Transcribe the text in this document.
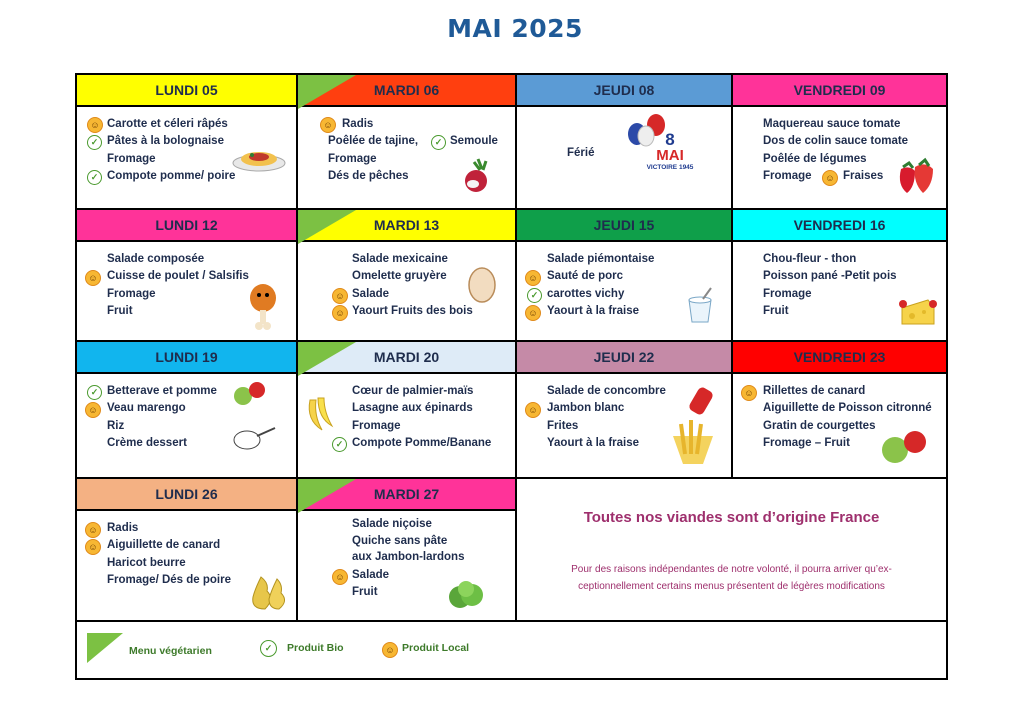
MAI 2025
LUNDI 05
☺ Carotte et céleri râpés
✓ Pâtes à la bolognaise
Fromage
✓ Compote pomme/ poire
MARDI 06
☺ Radis
Poêlée de tajine,	✓ Semoule
Fromage
Dés de pêches
JEUDI 08
Férié
8
MAI
VICTOIRE 1945
VENDREDI 09
Maquereau sauce tomate
Dos de colin sauce tomate
Poêlée de légumes
Fromage	☺ Fraises
LUNDI 12
Salade composée
☺ Cuisse de poulet / Salsifis
Fromage
Fruit
MARDI 13
Salade mexicaine
Omelette gruyère
☺ Salade
☺ Yaourt Fruits des bois
JEUDI 15
Salade piémontaise
☺ Sauté de porc
✓ carottes vichy
☺ Yaourt à la fraise
VENDREDI 16
Chou-fleur - thon
Poisson pané -Petit pois
Fromage
Fruit
LUNDI 19
✓ Betterave et pomme
☺ Veau marengo
Riz
Crème dessert
MARDI 20
Cœur de palmier-maïs
Lasagne aux épinards
Fromage
✓ Compote Pomme/Banane
JEUDI 22
Salade de concombre
☺ Jambon blanc
Frites
Yaourt à la fraise
VENDREDI 23
☺ Rillettes de canard
Aiguillette de Poisson citronné
Gratin de courgettes
Fromage – Fruit
LUNDI 26
☺ Radis
☺ Aiguillette de canard
Haricot beurre
Fromage/ Dés de poire
MARDI 27
Salade niçoise
Quiche sans pâte
aux Jambon-lardons
☺ Salade
Fruit
Toutes nos viandes sont d’origine France
Pour des raisons indépendantes de notre volonté, il pourra arriver qu’ex-ceptionnellement certains menus présentent de légères modifications
Menu végétarien	✓	Produit Bio	☺ Produit Local
